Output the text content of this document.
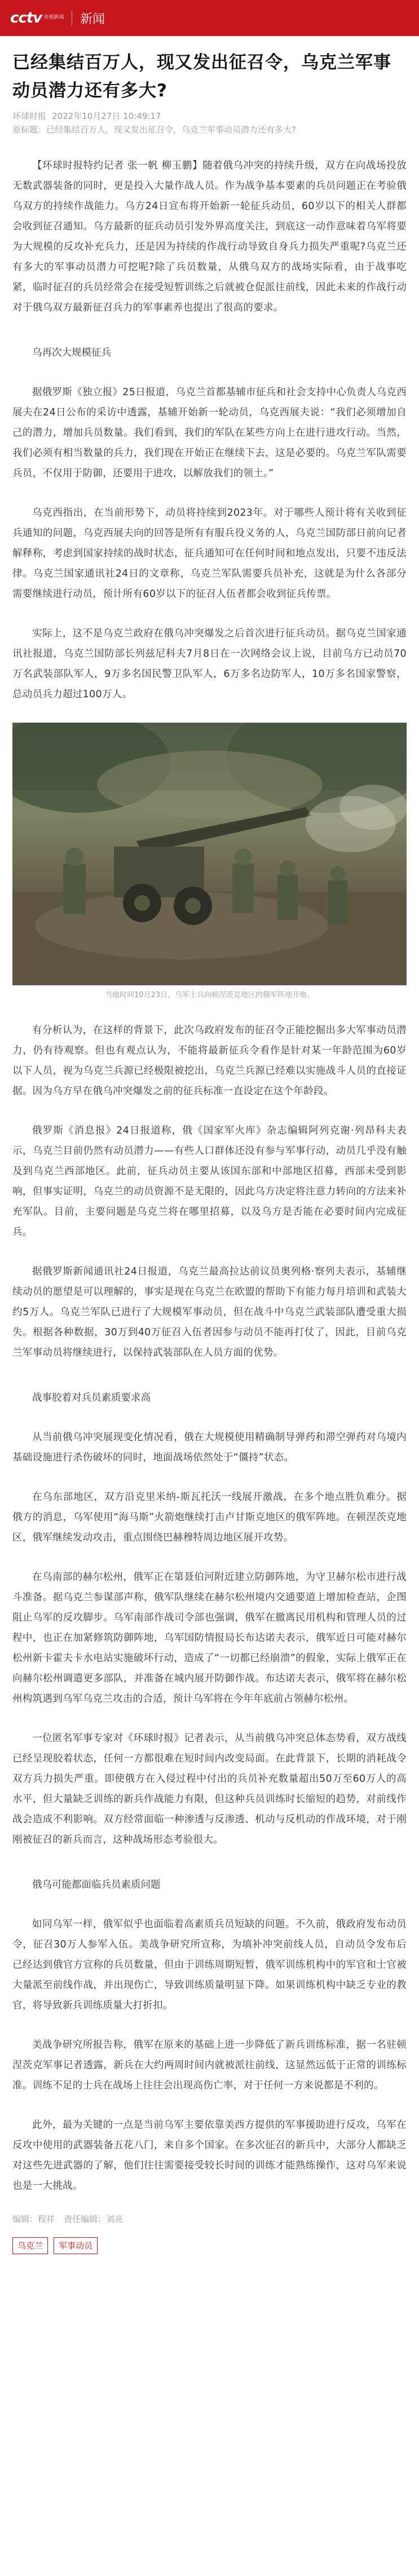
cctv 央视新闻 新闻
已经集结百万人，现又发出征召令，乌克兰军事动员潜力还有多大?
环球时报 2022年10月27日 10:49:17
原标题：已经集结百万人，现又发出征召令，乌克兰军事动员潜力还有多大?

【环球时报特约记者 张一帆 柳玉鹏】随着俄乌冲突的持续升级，双方在向战场投放无数武器装备的同时，更是投入大量作战人员。作为战争基本要素的兵员问题正在考验俄乌双方的持续作战能力。乌方24日宣布将开始新一轮征兵动员，60岁以下的相关人群都会收到征召通知。乌方最新的征兵动员引发外界高度关注，到底这一动作意味着乌军将要为大规模的反攻补充兵力，还是因为持续的作战行动导致自身兵力损失严重呢?乌克兰还有多大的军事动员潜力可挖呢?除了兵员数量，从俄乌双方的战场实际看，由于战事吃紧，临时征召的兵员经常会在接受短暂训练之后就被仓促派往前线，因此未来的作战行动对于俄乌双方最新征召兵力的军事素养也提出了很高的要求。

乌再次大规模征兵

据俄罗斯《独立报》25日报道，乌克兰首都基辅市征兵和社会支持中心负责人乌克西展夫在24日公布的采访中透露，基辅开始新一轮动员，乌克西展夫说：“我们必须增加自己的潜力，增加兵员数量。我们看到，我们的军队在某些方向上在进行进攻行动。当然，我们必须有相当数量的兵力，我们现在开始正在继续下去，这是必要的。乌克兰军队需要兵员，不仅用于防御，还要用于进攻，以解放我们的领土。”

乌克西指出，在当前形势下，动员将持续到2023年。对于哪些人预计将有关收到征兵通知的问题，乌克西展夫向的回答是所有有服兵役义务的人，乌克兰国防部日前向记者解释称，考虑到国家持续的战时状态，征兵通知可在任何时间和地点发出，只要不违反法律。乌克兰国家通讯社24日的文章称，乌克兰军队需要兵员补充，这就是为什么各部分需要继续进行动员，预计所有60岁以下的征召人伍者都会收到征兵传票。

实际上，这不是乌克兰政府在俄乌冲突爆发之后首次进行征兵动员。据乌克兰国家通讯社报道，乌克兰国防部长列兹尼科夫7月8日在一次网络会议上说，目前乌方已动员70万名武装部队军人，9万多名国民警卫队军人，6万多名边防军人，10万多名国家警察，总动员兵力超过100万人。

当地时间10月23日，乌军士兵向顿涅茨克地区的俄军阵地开炮。

有分析认为，在这样的背景下，此次乌政府发布的征召令正能挖掘出多大军事动员潜力，仍有待观察。但也有观点认为，不能将最新征兵令看作是针对某一年龄范围为60岁以下人员，视为乌克兰兵源已经极限被挖出，乌克兰兵源已经难以实施战斗人员的直接证据。因为乌方早在俄乌冲突爆发之前的征兵标准一直设定在这个年龄段。

俄罗斯《消息报》24日报道称，俄《国家军火库》杂志编辑阿列克谢·列昂科夫表示，乌克兰目前仍然有动员潜力——有些人口群体还没有参与军事行动，动员几乎没有触及到乌克兰西部地区。此前，征兵动员主要从该国东部和中部地区招募，西部未受到影响，但事实证明，乌克兰的动员资源不是无限的，因此乌方决定将注意力转向的方法来补充军队。目前，主要问题是乌克兰将在哪里招募，以及乌方是否能在必要时间内完成征兵。

据俄罗斯新闻通讯社24日报道，乌克兰最高拉达前议员奥列格·察列夫表示，基辅继续动员的愿望是可以理解的，事实是现在乌克兰在欧盟的帮助下有能力每月培训和武装大约5万人。乌克兰军队已进行了大规模军事动员，但在战斗中乌克兰武装部队遭受重大损失。根据各种数据，30万到40万征召入伍者因参与动员不能再打仗了，因此，目前乌克兰军事动员将继续进行，以保持武装部队在人员方面的优势。

战事胶着对兵员素质要求高

从当前俄乌冲突展现变化情况看，俄在大规模使用精确制导弹药和滞空弹药对乌境内基础设施进行杀伤破坏的同时，地面战场依然处于“僵持”状态。

在乌东部地区，双方沿克里米纳-斯瓦托沃一线展开激战，在多个地点胜负难分。据俄方的消息，乌军使用“海马斯”火箭炮继续打击卢甘斯克地区的俄军阵地。在顿涅茨克地区，俄军继续发动攻击，重点围绕巴赫穆特周边地区展开攻势。

在乌南部的赫尔松州，俄军正在第聂伯河附近建立防御阵地，为守卫赫尔松市进行战斗准备。据乌克兰参谋部声称，俄军队继续在赫尔松州境内交通要道上增加检查站，企图阻止乌军的反攻脚步。乌军南部作战司令部也强调，俄军在撤离民用机构和管理人员的过程中，也正在加紧修筑防御阵地，乌军国防情报局长布达诺夫表示，俄军近日可能对赫尔松州新卡霍夫卡水电站实施破坏行动，造成了“一切都已经崩溃”的假象，实际上俄军正在向赫尔松州调遣更多部队，并准备在城内展开防御作战。布达诺夫表示，俄军将在赫尔松州构筑遇到乌军乌克兰攻击的合适，预计乌军将在今年年底前占领赫尔松州。

一位匿名军事专家对《环球时报》记者表示，从当前俄乌冲突总体态势看，双方战线已经呈现胶着状态，任何一方都很难在短时间内改变局面。在此背景下，长期的消耗战令双方兵力损失严重。即使俄方在入侵过程中付出的兵员补充数量超出50万至60万人的高水平，但大量缺乏训练的新兵作战能力有限，但这种兵员训练时长缩短的趋势，对前线作战会造成不利影响。双方经常面临一种渗透与反渗透、机动与反机动的作战环境，对于刚刚被征召的新兵而言，这种战场形态考验很大。

俄乌可能都面临兵员素质问题

如同乌军一样，俄军似乎也面临着高素质兵员短缺的问题。不久前，俄政府发布动员令，征召30万人参军入伍。美战争研究所宣称，为填补冲突前线人员，自动员令发布后已经达到俄官方宣称的兵员数量，但由于训练周期短暂，俄军训练机构中的军官和士官被大量派至前线作战，并出现伤亡，导致训练质量明显下降。如果训练机构中缺乏专业的教官，将导致新兵训练质量大打折扣。

美战争研究所报告称，俄军在原来的基础上进一步降低了新兵训练标准，据一名驻顿涅茨克军事记者透露，新兵在大约两周时间内就被派往前线，这显然远低于正常的训练标准。训练不足的士兵在战场上往往会出现高伤亡率，对于任何一方来说都是不利的。

此外，最为关键的一点是当前乌军主要依靠美西方提供的军事援助进行反攻，乌军在反攻中使用的武器装备五花八门，来自多个国家。在多次征召的新兵中，大部分人都缺乏对这些先进武器的了解，他们往往需要接受较长时间的训练才能熟练操作，这对乌军来说也是一大挑战。

编辑：程祥 责任编辑：刘亮
乌克兰	军事动员
